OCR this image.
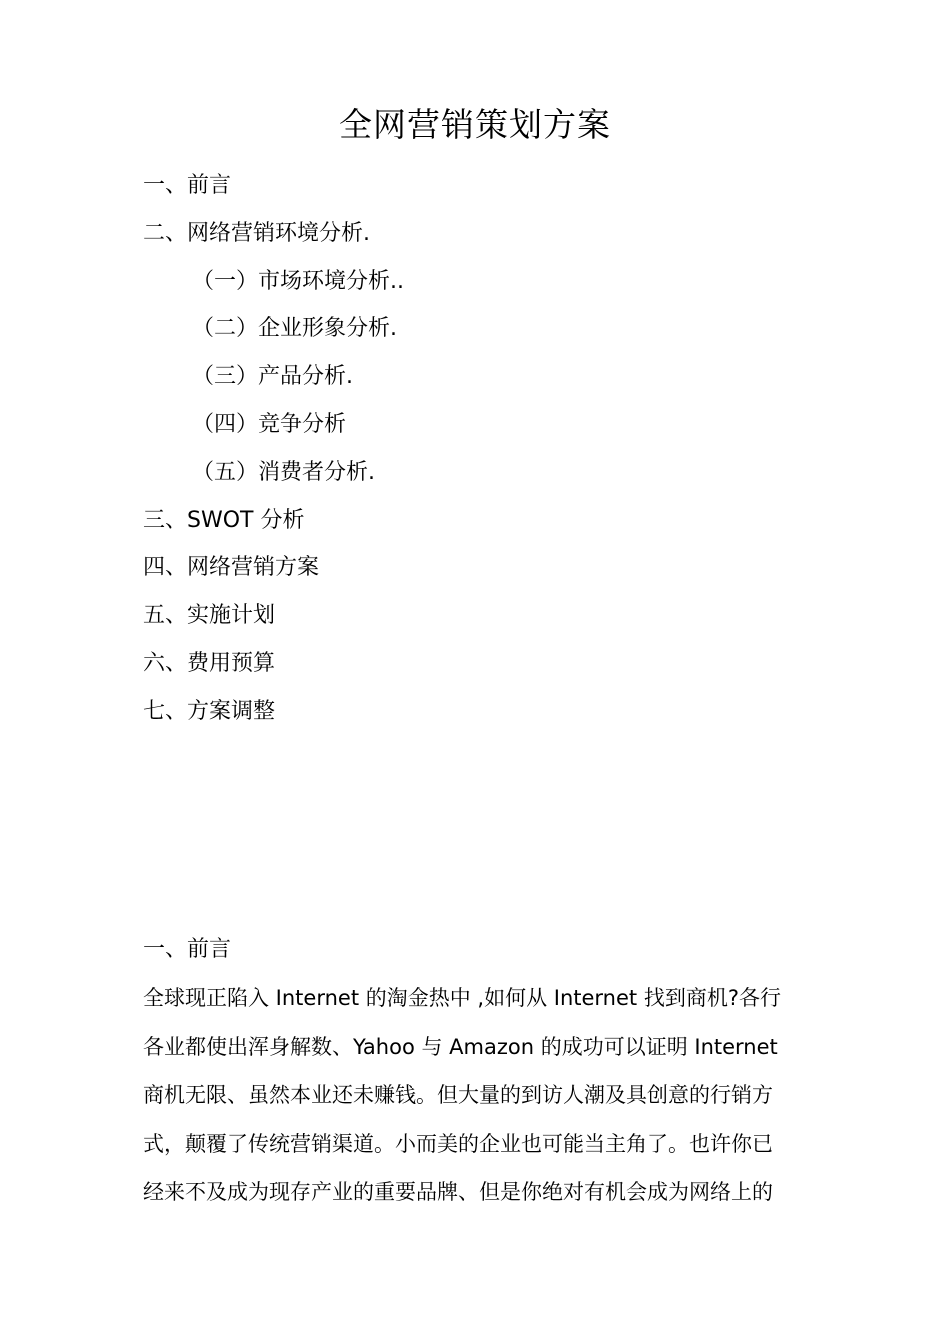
全网营销策划方案
一、前言
二、网络营销环境分析.
（一）市场环境分析..
（二）企业形象分析.
（三）产品分析.
（四）竞争分析
（五）消费者分析.
三、SWOT 分析
四、网络营销方案
五、实施计划
六、费用预算
七、方案调整
一、前言
全球现正陷入 Internet 的淘金热中 ,如何从 Internet 找到商机?各行
各业都使出浑身解数、Yahoo 与 Amazon 的成功可以证明 Internet
商机无限、虽然本业还未赚钱。但大量的到访人潮及具创意的行销方
式，颠覆了传统营销渠道。小而美的企业也可能当主角了。也许你已
经来不及成为现存产业的重要品牌、但是你绝对有机会成为网络上的
